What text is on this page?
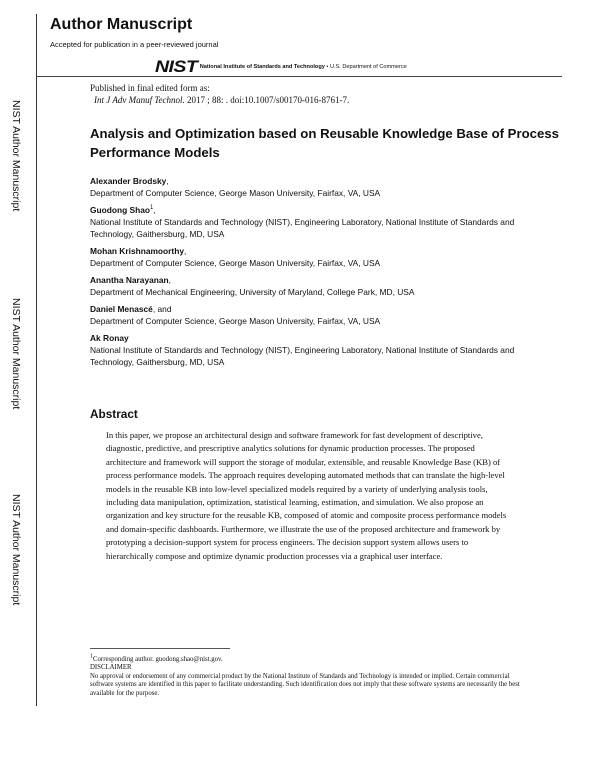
Author Manuscript
Accepted for publication in a peer-reviewed journal
NIST National Institute of Standards and Technology • U.S. Department of Commerce
NIST Author Manuscript
NIST Author Manuscript
NIST Author Manuscript
Published in final edited form as:
Int J Adv Manuf Technol. 2017 ; 88: . doi:10.1007/s00170-016-8761-7.
Analysis and Optimization based on Reusable Knowledge Base of Process Performance Models
Alexander Brodsky,
Department of Computer Science, George Mason University, Fairfax, VA, USA
Guodong Shao$^1$,
National Institute of Standards and Technology (NIST), Engineering Laboratory, National Institute of Standards and Technology, Gaithersburg, MD, USA
Mohan Krishnamoorthy,
Department of Computer Science, George Mason University, Fairfax, VA, USA
Anantha Narayanan,
Department of Mechanical Engineering, University of Maryland, College Park, MD, USA
Daniel Menascé, and
Department of Computer Science, George Mason University, Fairfax, VA, USA
Ak Ronay
National Institute of Standards and Technology (NIST), Engineering Laboratory, National Institute of Standards and Technology, Gaithersburg, MD, USA
Abstract
In this paper, we propose an architectural design and software framework for fast development of descriptive, diagnostic, predictive, and prescriptive analytics solutions for dynamic production processes. The proposed architecture and framework will support the storage of modular, extensible, and reusable Knowledge Base (KB) of process performance models. The approach requires developing automated methods that can translate the high-level models in the reusable KB into low-level specialized models required by a variety of underlying analysis tools, including data manipulation, optimization, statistical learning, estimation, and simulation. We also propose an organization and key structure for the reusable KB, composed of atomic and composite process performance models and domain-specific dashboards. Furthermore, we illustrate the use of the proposed architecture and framework by prototyping a decision-support system for process engineers. The decision support system allows users to hierarchically compose and optimize dynamic production processes via a graphical user interface.
$^1$Corresponding author. guodong.shao@nist.gov.
DISCLAIMER
No approval or endorsement of any commercial product by the National Institute of Standards and Technology is intended or implied. Certain commercial software systems are identified in this paper to facilitate understanding. Such identification does not imply that these software systems are necessarily the best available for the purpose.
